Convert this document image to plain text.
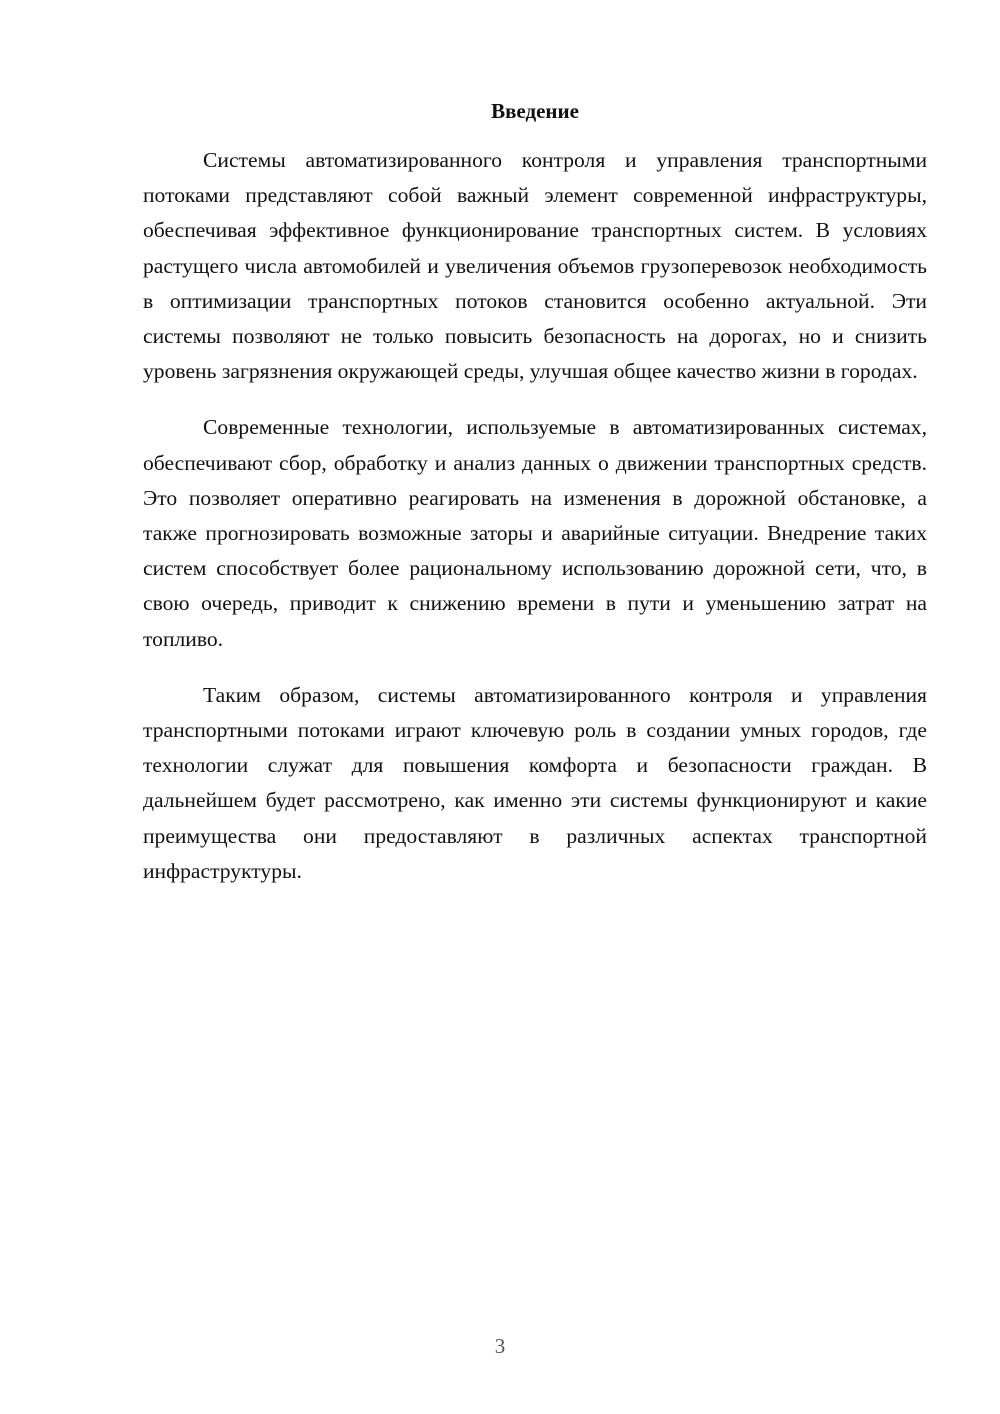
Введение

Системы автоматизированного контроля и управления транспортными потоками представляют собой важный элемент современной инфраструктуры, обеспечивая эффективное функционирование транспортных систем. В условиях растущего числа автомобилей и увеличения объемов грузоперевозок необходимость в оптимизации транспортных потоков становится особенно актуальной. Эти системы позволяют не только повысить безопасность на дорогах, но и снизить уровень загрязнения окружающей среды, улучшая общее качество жизни в городах.

Современные технологии, используемые в автоматизированных системах, обеспечивают сбор, обработку и анализ данных о движении транспортных средств. Это позволяет оперативно реагировать на изменения в дорожной обстановке, а также прогнозировать возможные заторы и аварийные ситуации. Внедрение таких систем способствует более рациональному использованию дорожной сети, что, в свою очередь, приводит к снижению времени в пути и уменьшению затрат на топливо.

Таким образом, системы автоматизированного контроля и управления транспортными потоками играют ключевую роль в создании умных городов, где технологии служат для повышения комфорта и безопасности граждан. В дальнейшем будет рассмотрено, как именно эти системы функционируют и какие преимущества они предоставляют в различных аспектах транспортной инфраструктуры.

3
